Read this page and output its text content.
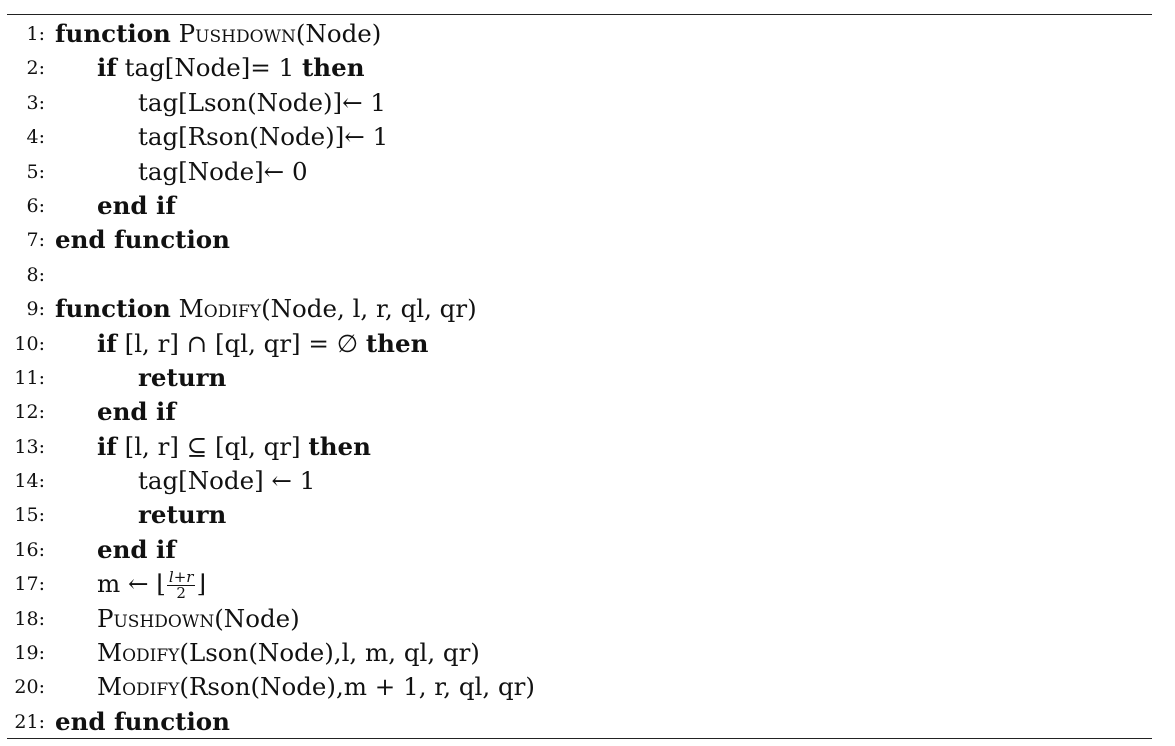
1: function Pushdown(Node)
2: if tag[Node]= 1 then
3:	tag[Lson(Node)]← 1
4:	tag[Rson(Node)]← 1
5:	tag[Node]← 0
6: end if
7: end function
8:
9: function Modify(Node, l, r, ql, qr)
10: if [l, r] ∩ [ql, qr] = ∅ then
11:	return
12: end if
13: if [l, r] ⊆ [ql, qr] then
14:	tag[Node] ← 1
15:	return
16: end if
17: m ← ⌊ $\frac{l+r}{2}$ ⌋
18: Pushdown(Node)
19: Modify(Lson(Node),l, m, ql, qr)
20: Modify(Rson(Node),m + 1, r, ql, qr)
21: end function
